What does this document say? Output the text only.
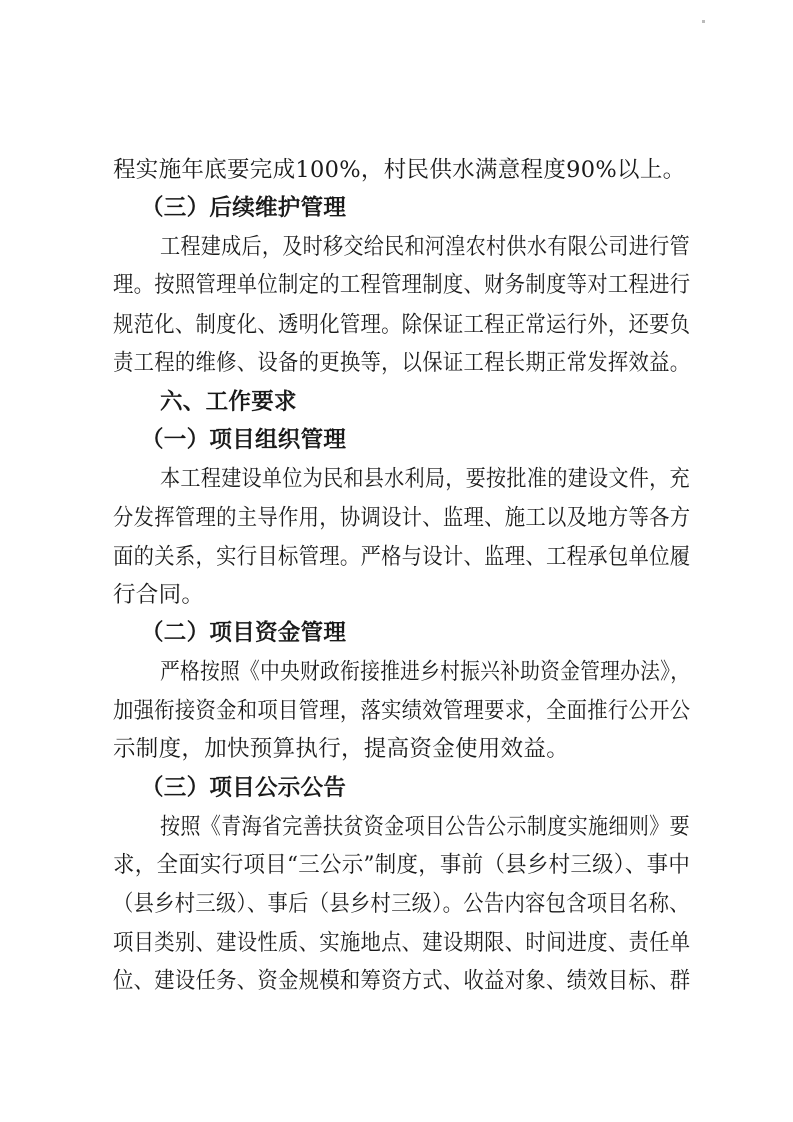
程实施年底要完成100%，村民供水满意程度90%以上。
（三）后续维护管理
工程建成后，及时移交给民和河湟农村供水有限公司进行管
理。按照管理单位制定的工程管理制度、财务制度等对工程进行
规范化、制度化、透明化管理。除保证工程正常运行外，还要负
责工程的维修、设备的更换等，以保证工程长期正常发挥效益。
六、工作要求
（一）项目组织管理
本工程建设单位为民和县水利局，要按批准的建设文件，充
分发挥管理的主导作用，协调设计、监理、施工以及地方等各方
面的关系，实行目标管理。严格与设计、监理、工程承包单位履
行合同。
（二）项目资金管理
严格按照《中央财政衔接推进乡村振兴补助资金管理办法》，
加强衔接资金和项目管理，落实绩效管理要求，全面推行公开公
示制度，加快预算执行，提高资金使用效益。
（三）项目公示公告
按照《青海省完善扶贫资金项目公告公示制度实施细则》要
求，全面实行项目“三公示”制度，事前（县乡村三级）、事中
（县乡村三级）、事后（县乡村三级）。公告内容包含项目名称、
项目类别、建设性质、实施地点、建设期限、时间进度、责任单
位、建设任务、资金规模和筹资方式、收益对象、绩效目标、群
